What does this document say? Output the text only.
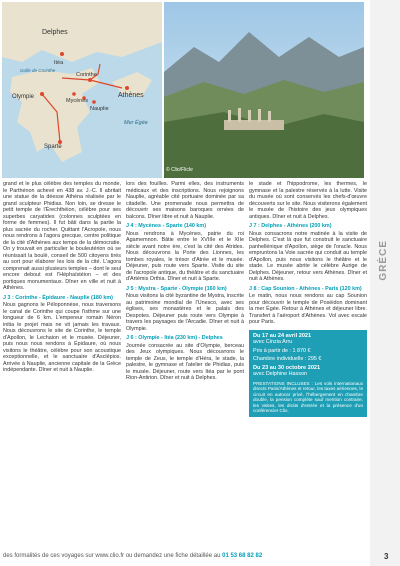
Delphes
Olympie	Athènes
Corinthe
Mycènes
Sparte
Itéa
Nauplie
Mer Égée
Golfe de Corinthe
© Clio/Flickr
GRÈCE

grand et le plus célèbre des temples du monde, le Parthénon achevé en 438 av. J.-C. Il abritait une statue de la déesse Athéna réalisée par le grand sculpteur Phidias. Non loin, se dresse le petit temple de l'Érechthéion, célèbre pour ses superbes caryatides (colonnes sculptées en forme de femmes). Il fut bâti dans la partie la plus sacrée du rocher. Quittant l'Acropole, nous nous rendrons à l'agora grecque, centre politique de la cité d'Athènes aux temps de la démocratie. On y trouvait en particulier le bouleutérion où se réunissait la boulè, conseil de 500 citoyens tirés au sort pour élaborer les lois de la cité. L'agora comprenait aussi plusieurs temples – dont le seul encore debout est l'Héphaïstéion – et des portiques monumentaux. Dîner en ville et nuit à Athènes.

J 3 : Corinthe - Épidaure - Nauplie (180 km)

Nous gagnons le Péloponnèse, nous traversons le canal de Corinthe qui coupe l'isthme sur une longueur de 6 km. L'empereur romain Néron initia le projet mais ne vit jamais les travaux. Nous découvrons le site de Corinthe, le temple d'Apollon, le Lechaion et le musée. Déjeuner, puis nous nous rendons à Épidaure, où nous visitons le théâtre, célèbre pour son acoustique exceptionnelle, et le sanctuaire d'Asclépios. Arrivée à Nauplie, ancienne capitale de la Grèce indépendante. Dîner et nuit à Nauplie.

lors des fouilles. Parmi elles, des instruments médicaux et des inscriptions. Nous rejoignons Nauplie, agréable cité portuaire dominée par sa citadelle. Une promenade nous permettra de découvrir ses maisons baroques ornées de balcons. Dîner libre et nuit à Nauplie.

J 4 : Mycènes - Sparte (140 km)

Nous rendrons à Mycènes, patrie du roi Agamemnon. Bâtie entre le XVIIIe et le XIIe siècle avant notre ère, c'est la cité des Atrides. Nous découvrons la Porte des Lionnes, les tombes royales, le trésor d'Atrée et le musée. Déjeuner, puis route vers Sparte. Visite du site de l'acropole antique, du théâtre et du sanctuaire d'Artémis Orthia. Dîner et nuit à Sparte.

J 5 : Mystra - Sparte - Olympie (160 km)

Nous visitons la cité byzantine de Mystra, inscrite au patrimoine mondial de l'Unesco, avec ses églises, ses monastères et le palais des Despotes. Déjeuner puis route vers Olympie à travers les paysages de l'Arcadie. Dîner et nuit à Olympie.

J 6 : Olympie - Itéa (230 km) - Delphes

Journée consacrée au site d'Olympie, berceau des Jeux olympiques. Nous découvrons le temple de Zeus, le temple d'Héra, le stade, la palestre, le gymnase et l'atelier de Phidias, puis le musée. Déjeuner, route vers Itéa par le pont Rion-Antirion. Dîner et nuit à Delphes.

le stade et l'hippodrome, les thermes, le gymnase et la palestre réservés à la lutte. Visite du musée où sont conservés les chefs-d'œuvre découverts sur le site. Nous visiterons également le musée de l'histoire des jeux olympiques antiques. Dîner et nuit à Delphes.

J 7 : Delphes - Athènes (200 km)

Nous consacrons notre matinée à la visite de Delphes. C'est là que fut construit le sanctuaire panhellénique d'Apollon, siège de l'oracle. Nous empruntons la Voie sacrée qui conduit au temple d'Apollon, puis nous visitons le théâtre et le stade. Le musée abrite le célèbre Aurige de Delphes. Déjeuner, retour vers Athènes. Dîner et nuit à Athènes.

J 8 : Cap Sounion - Athènes - Paris (120 km)

Le matin, nous nous rendons au cap Sounion pour découvrir le temple de Poséidon dominant la mer Égée. Retour à Athènes et déjeuner libre. Transfert à l'aéroport d'Athènes. Vol avec escale pour Paris.

Du 17 au 24 avril 2021
avec Cinzia Arru
Prix à partir de : 1 870 €
Chambre individuelle : 295 €
Du 23 au 30 octobre 2021
avec Delphine Hasson
PRESTATIONS INCLUSES : Les vols internationaux directs Paris/Athènes et retour, les taxes aériennes, le circuit en autocar privé, l'hébergement en chambre double, la pension complète sauf mention contraire, les visites, les droits d'entrée et la présence d'un conférencier Clio.
des formalités de ces voyages sur www.clio.fr ou demandez une fiche détaillée au 01 53 68 82 82	3
